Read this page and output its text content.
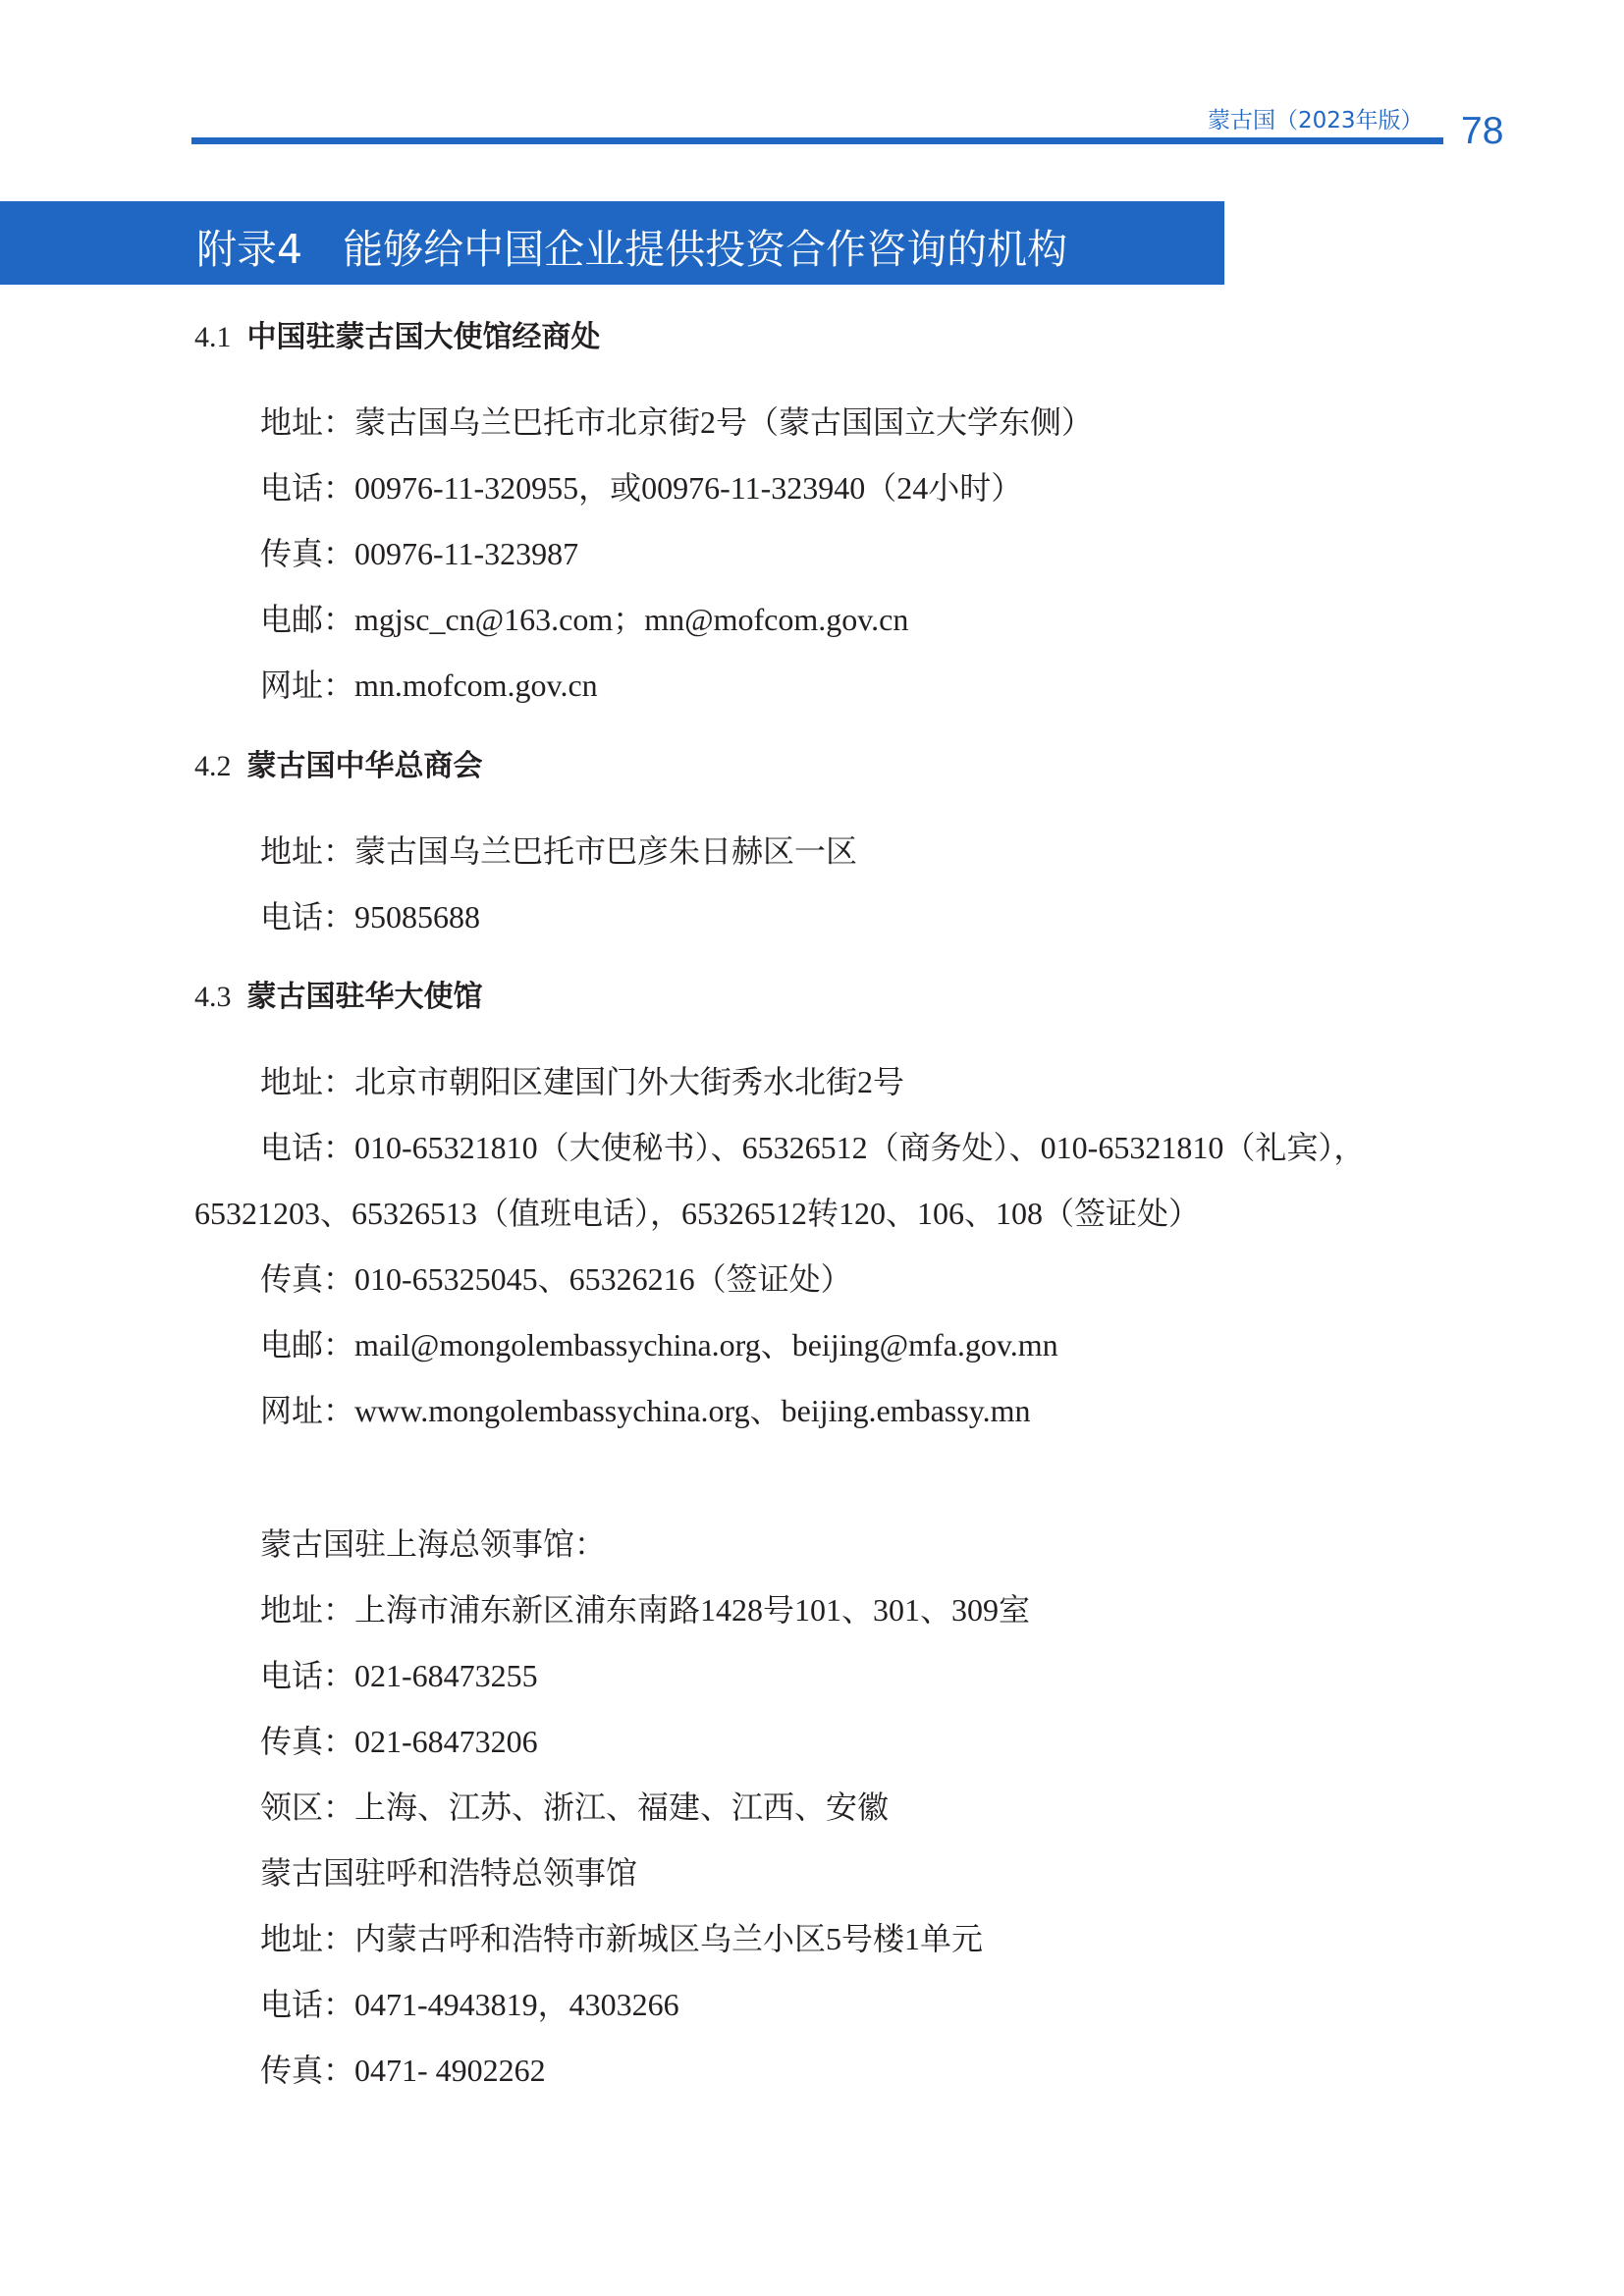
蒙古国（2023年版） 78
附录4　能够给中国企业提供投资合作咨询的机构
4.1 中国驻蒙古国大使馆经商处
地址：蒙古国乌兰巴托市北京街2号（蒙古国国立大学东侧）
电话：00976-11-320955，或00976-11-323940（24小时）
传真：00976-11-323987
电邮：mgjsc_cn@163.com；mn@mofcom.gov.cn
网址：mn.mofcom.gov.cn
4.2 蒙古国中华总商会
地址：蒙古国乌兰巴托市巴彦朱日赫区一区
电话：95085688
4.3 蒙古国驻华大使馆
地址：北京市朝阳区建国门外大街秀水北街2号
电话：010-65321810（大使秘书）、65326512（商务处）、010-65321810（礼宾），
65321203、65326513（值班电话），65326512转120、106、108（签证处）
传真：010-65325045、65326216（签证处）
电邮：mail@mongolembassychina.org、beijing@mfa.gov.mn
网址：www.mongolembassychina.org、beijing.embassy.mn
蒙古国驻上海总领事馆：
地址：上海市浦东新区浦东南路1428号101、301、309室
电话：021-68473255
传真：021-68473206
领区：上海、江苏、浙江、福建、江西、安徽
蒙古国驻呼和浩特总领事馆
地址：内蒙古呼和浩特市新城区乌兰小区5号楼1单元
电话：0471-4943819，4303266
传真：0471- 4902262
